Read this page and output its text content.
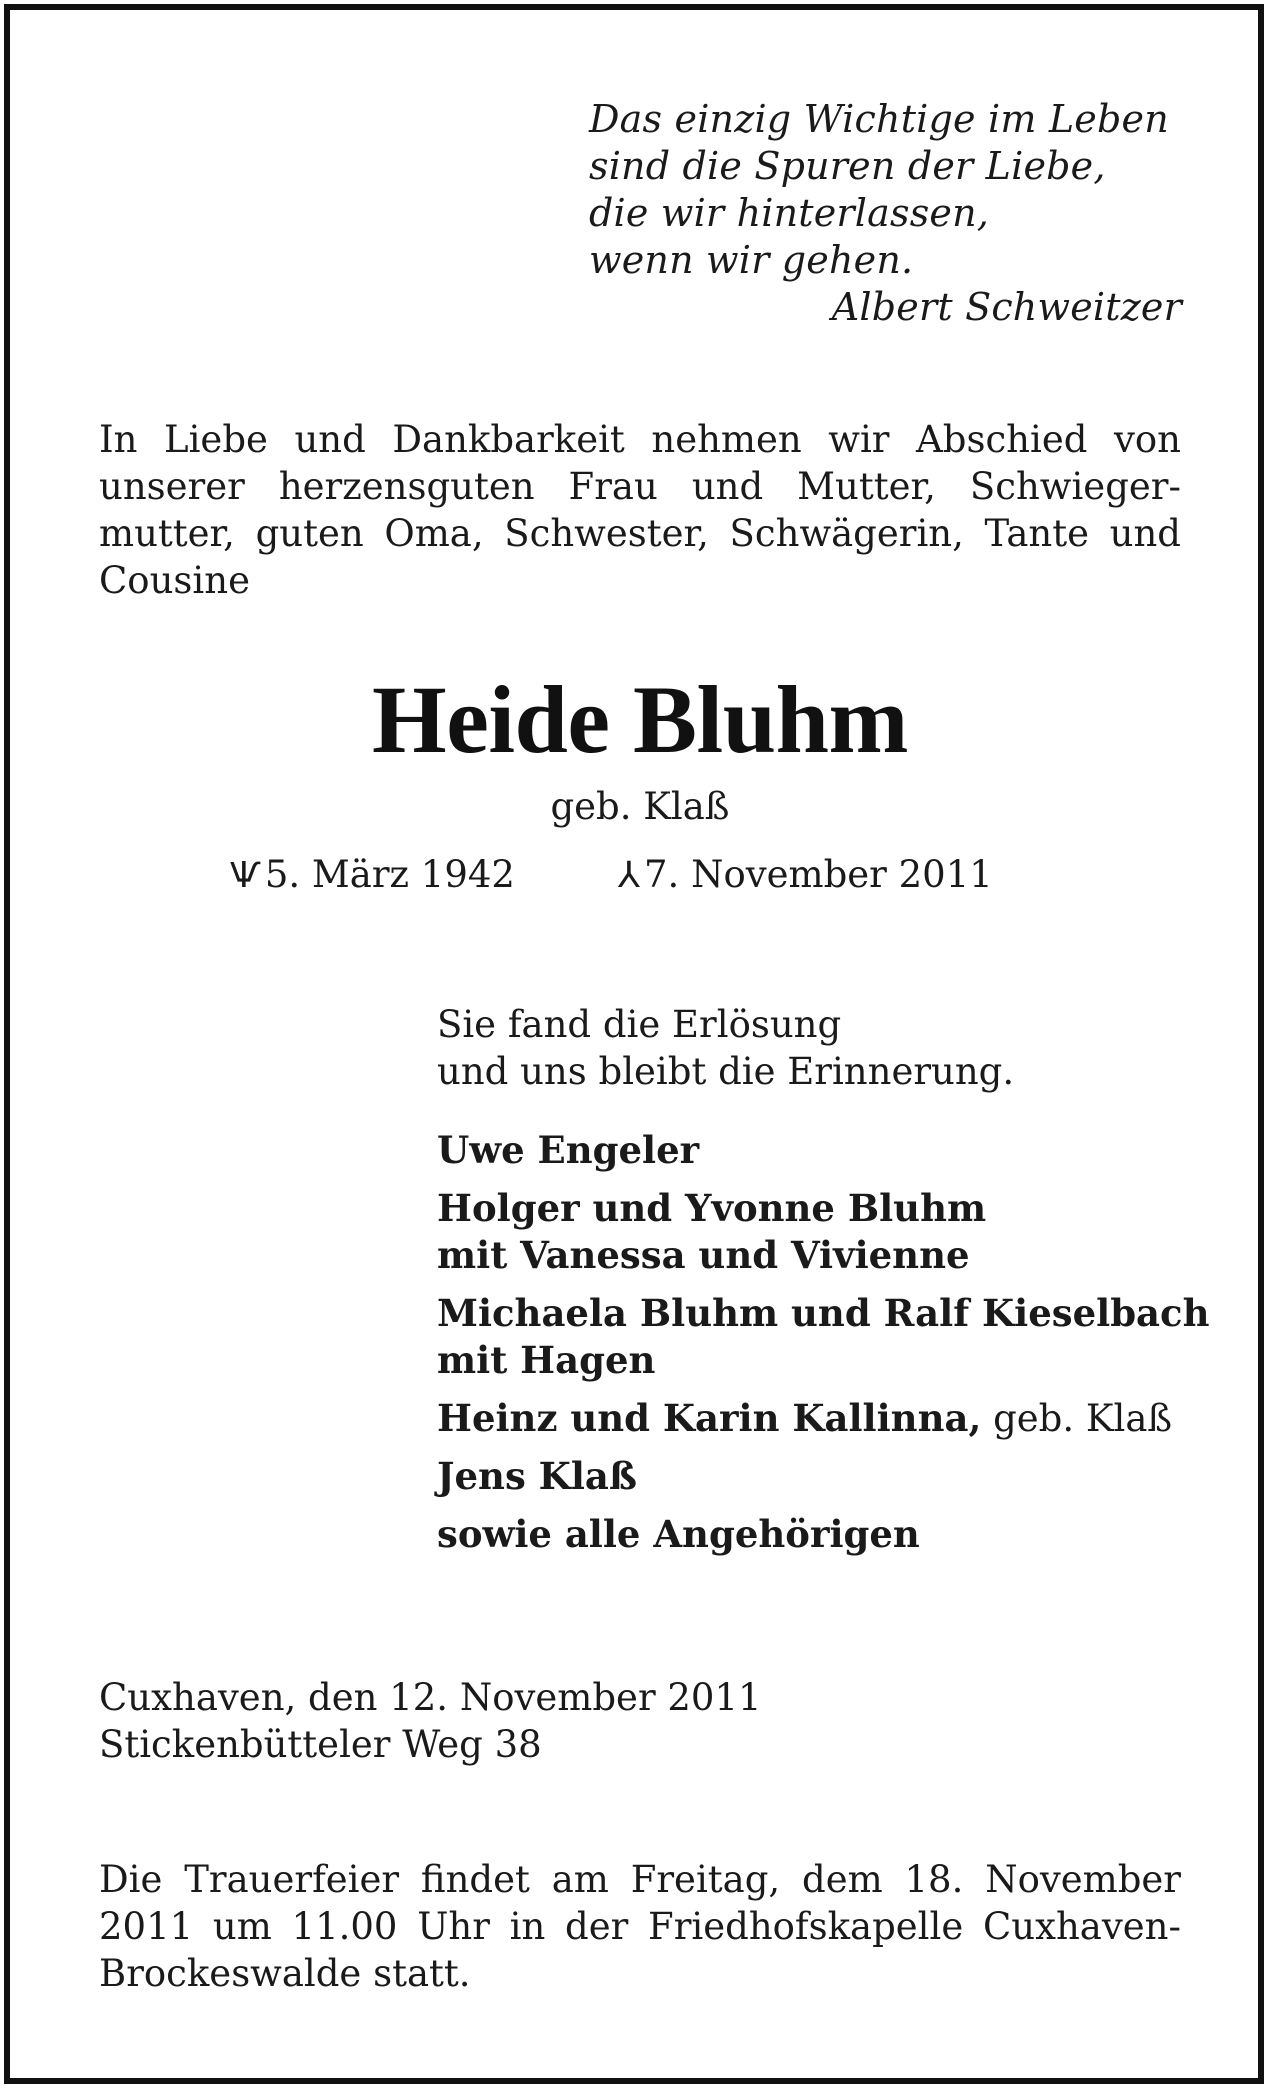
Das einzig Wichtige im Leben
sind die Spuren der Liebe,
die wir hinterlassen,
wenn wir gehen.
Albert Schweitzer
In Liebe und Dankbarkeit nehmen wir Abschied von unserer herzensguten Frau und Mutter, Schwiegermutter, guten Oma, Schwester, Schwägerin, Tante und Cousine
Heide Bluhm
geb. Klaß
Ѱ 5. März 1942	⅄ 7. November 2011
Sie fand die Erlösung
und uns bleibt die Erinnerung.
Uwe Engeler
Holger und Yvonne Bluhm
mit Vanessa und Vivienne
Michaela Bluhm und Ralf Kieselbach
mit Hagen
Heinz und Karin Kallinna, geb. Klaß
Jens Klaß
sowie alle Angehörigen
Cuxhaven, den 12. November 2011
Stickenbütteler Weg 38
Die Trauerfeier findet am Freitag, dem 18. November 2011 um 11.00 Uhr in der Friedhofskapelle Cuxhaven-Brockeswalde statt.
